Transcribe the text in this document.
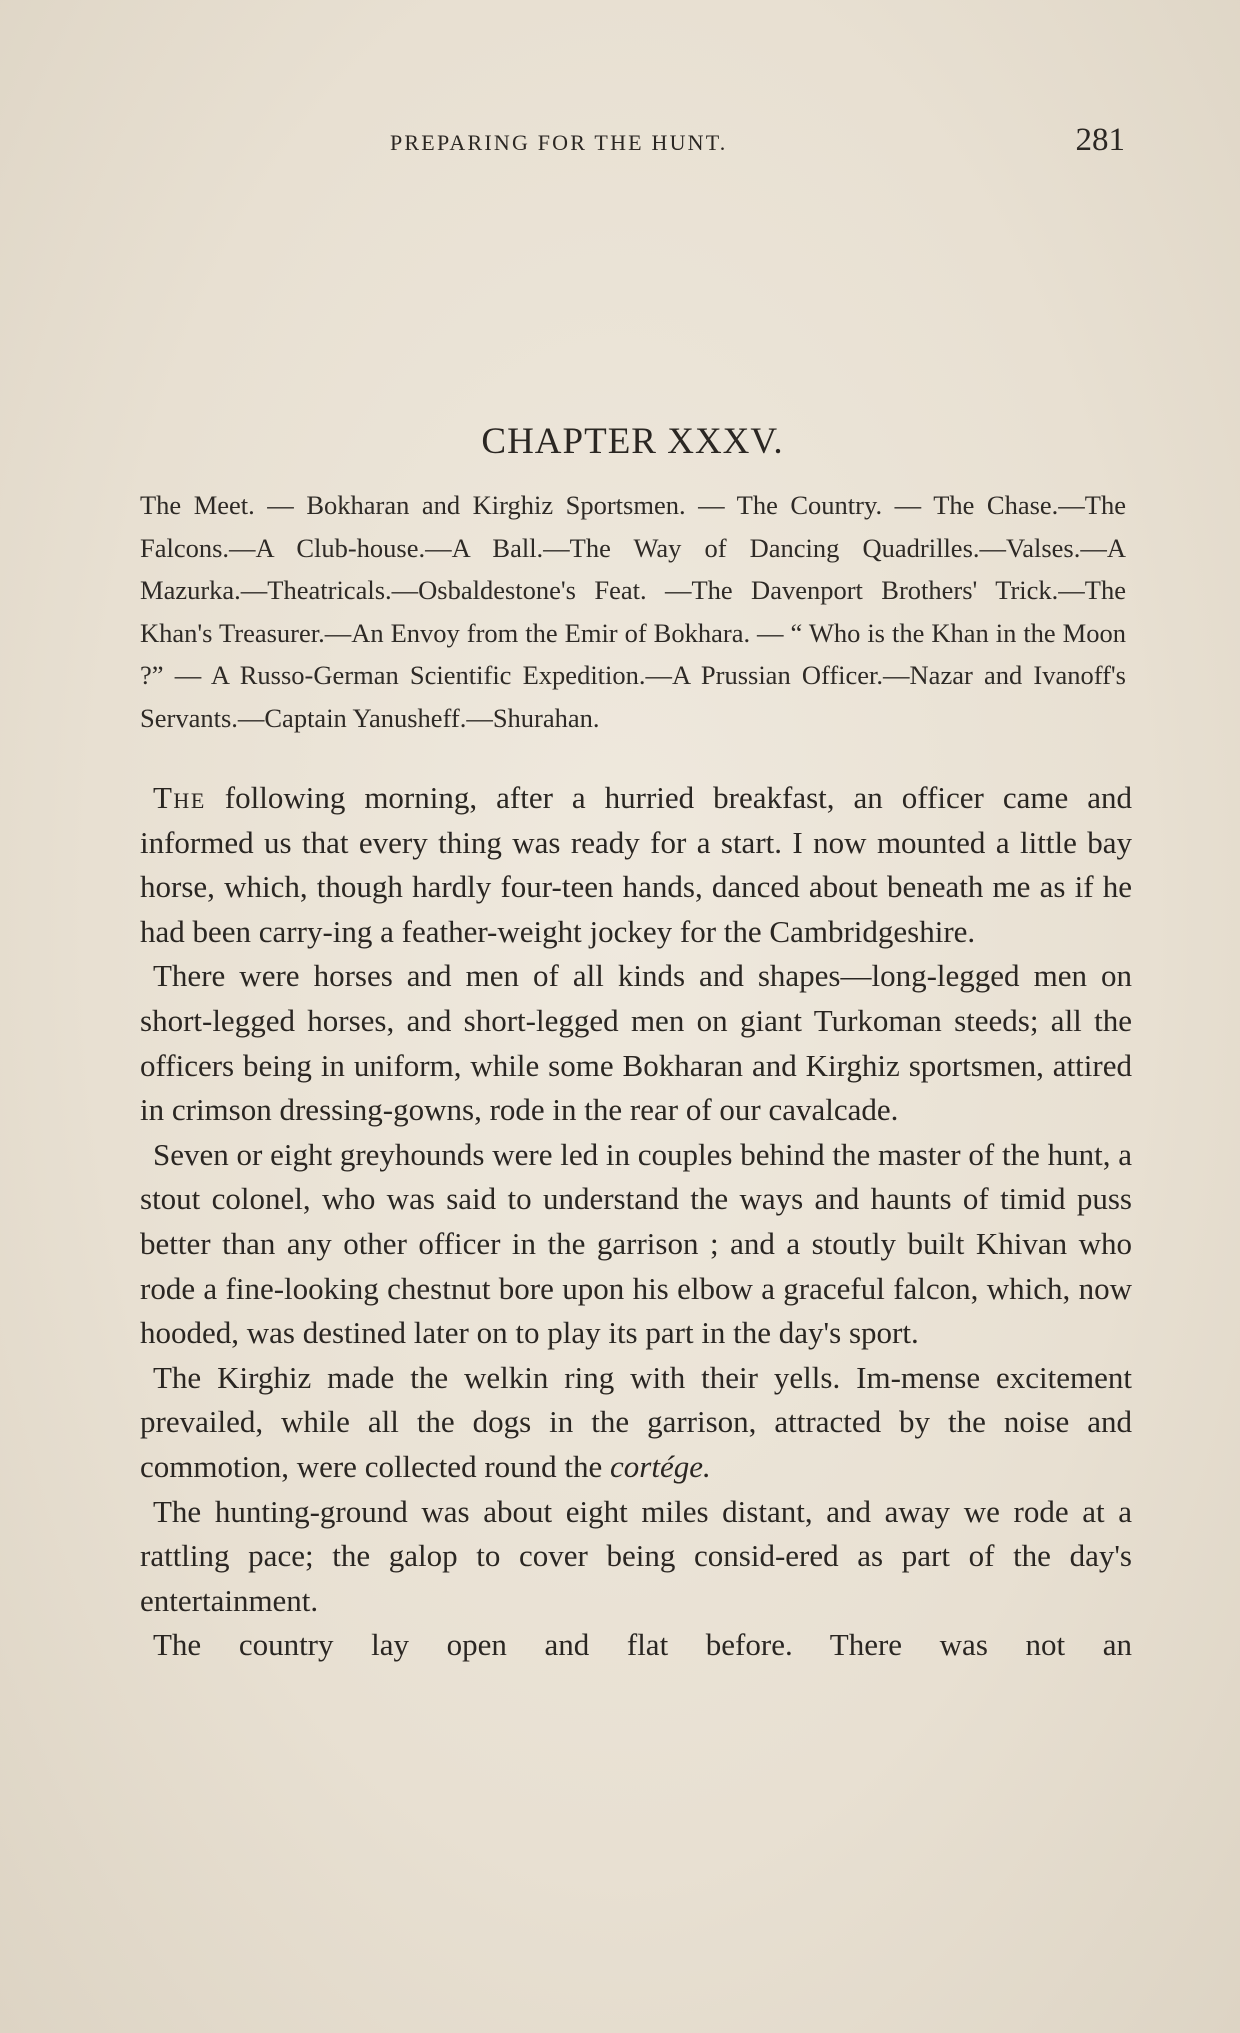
PREPARING FOR THE HUNT.	281
CHAPTER XXXV.

The Meet. — Bokharan and Kirghiz Sportsmen. — The Country. — The Chase.—The Falcons.—A Club-house.—A Ball.—The Way of Dancing Quadrilles.—Valses.—A Mazurka.—Theatricals.—Osbaldestone's Feat. —The Davenport Brothers' Trick.—The Khan's Treasurer.—An Envoy from the Emir of Bokhara. — “ Who is the Khan in the Moon ?” — A Russo-German Scientific Expedition.—A Prussian Officer.—Nazar and Ivanoff's Servants.—Captain Yanusheff.—Shurahan.

The following morning, after a hurried breakfast, an officer came and informed us that every thing was ready for a start. I now mounted a little bay horse, which, though hardly four-teen hands, danced about beneath me as if he had been carry-ing a feather-weight jockey for the Cambridgeshire.

There were horses and men of all kinds and shapes—long-legged men on short-legged horses, and short-legged men on giant Turkoman steeds; all the officers being in uniform, while some Bokharan and Kirghiz sportsmen, attired in crimson dressing-gowns, rode in the rear of our cavalcade.

Seven or eight greyhounds were led in couples behind the master of the hunt, a stout colonel, who was said to understand the ways and haunts of timid puss better than any other officer in the garrison ; and a stoutly built Khivan who rode a fine-looking chestnut bore upon his elbow a graceful falcon, which, now hooded, was destined later on to play its part in the day's sport.

The Kirghiz made the welkin ring with their yells. Im-mense excitement prevailed, while all the dogs in the garrison, attracted by the noise and commotion, were collected round the cortége.

The hunting-ground was about eight miles distant, and away we rode at a rattling pace; the galop to cover being consid-ered as part of the day's entertainment.

The country lay open and flat before. There was not an
